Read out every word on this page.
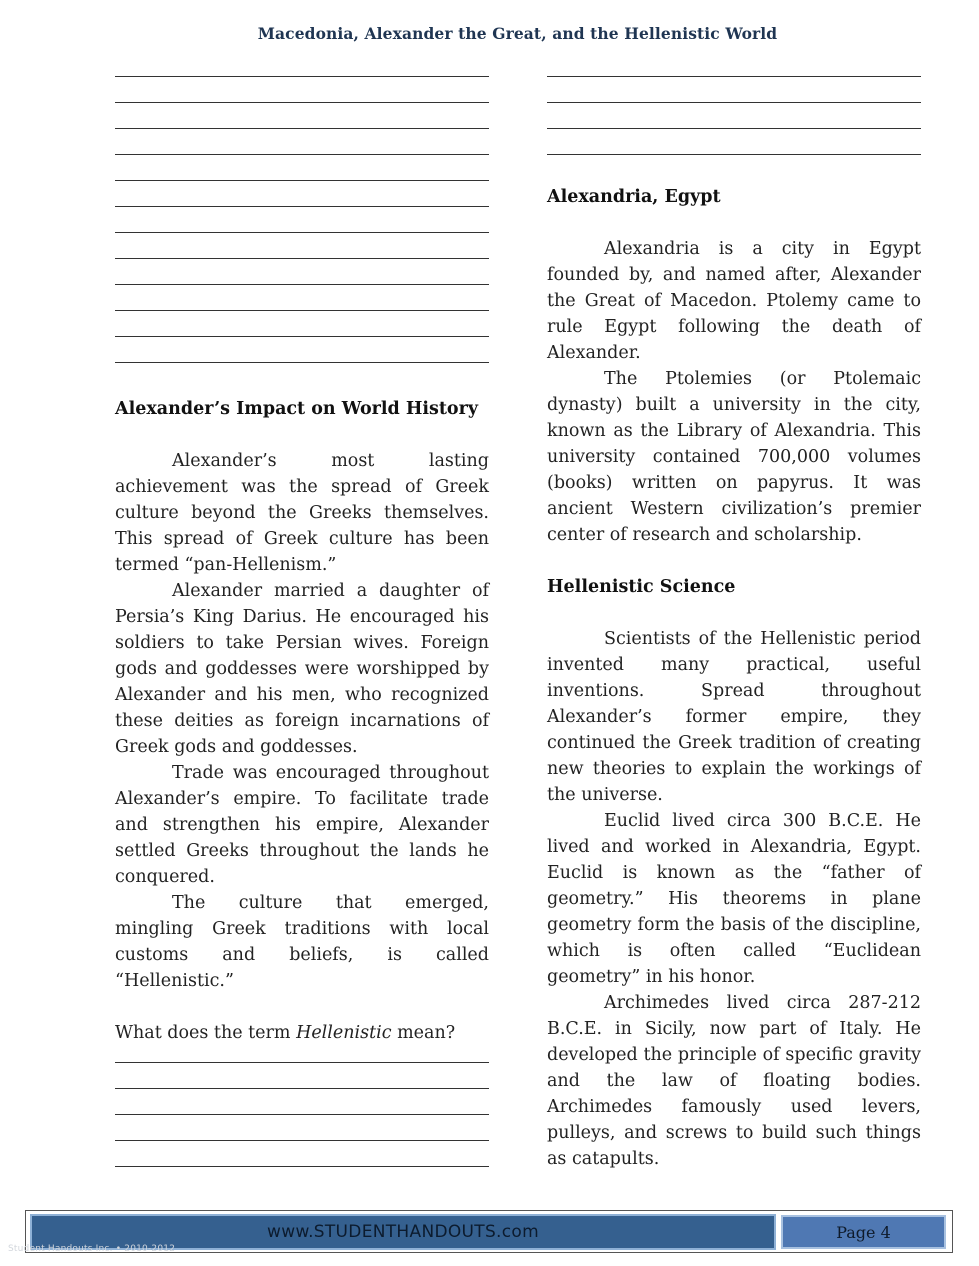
Macedonia, Alexander the Great, and the Hellenistic World
Alexander’s Impact on World History

Alexander’s most lasting achievement was the spread of Greek culture beyond the Greeks themselves. This spread of Greek culture has been termed “pan-Hellenism.”

Alexander married a daughter of Persia’s King Darius. He encouraged his soldiers to take Persian wives. Foreign gods and goddesses were worshipped by Alexander and his men, who recognized these deities as foreign incarnations of Greek gods and goddesses.

Trade was encouraged throughout Alexander’s empire. To facilitate trade and strengthen his empire, Alexander settled Greeks throughout the lands he conquered.

The culture that emerged, mingling Greek traditions with local customs and beliefs, is called “Hellenistic.”

What does the term Hellenistic mean?

Alexandria, Egypt

Alexandria is a city in Egypt founded by, and named after, Alexander the Great of Macedon. Ptolemy came to rule Egypt following the death of Alexander.

The Ptolemies (or Ptolemaic dynasty) built a university in the city, known as the Library of Alexandria. This university contained 700,000 volumes (books) written on papyrus. It was ancient Western civilization’s premier center of research and scholarship.

Hellenistic Science

Scientists of the Hellenistic period invented many practical, useful inventions. Spread throughout Alexander’s former empire, they continued the Greek tradition of creating new theories to explain the workings of the universe.

Euclid lived circa 300 B.C.E. He lived and worked in Alexandria, Egypt. Euclid is known as the “father of geometry.” His theorems in plane geometry form the basis of the discipline, which is often called “Euclidean geometry” in his honor.

Archimedes lived circa 287-212 B.C.E. in Sicily, now part of Italy. He developed the principle of specific gravity and the law of floating bodies. Archimedes famously used levers, pulleys, and screws to build such things as catapults.

www.STUDENTHANDOUTS.com	Page 4
Student Handouts Inc. • 2010-2012
